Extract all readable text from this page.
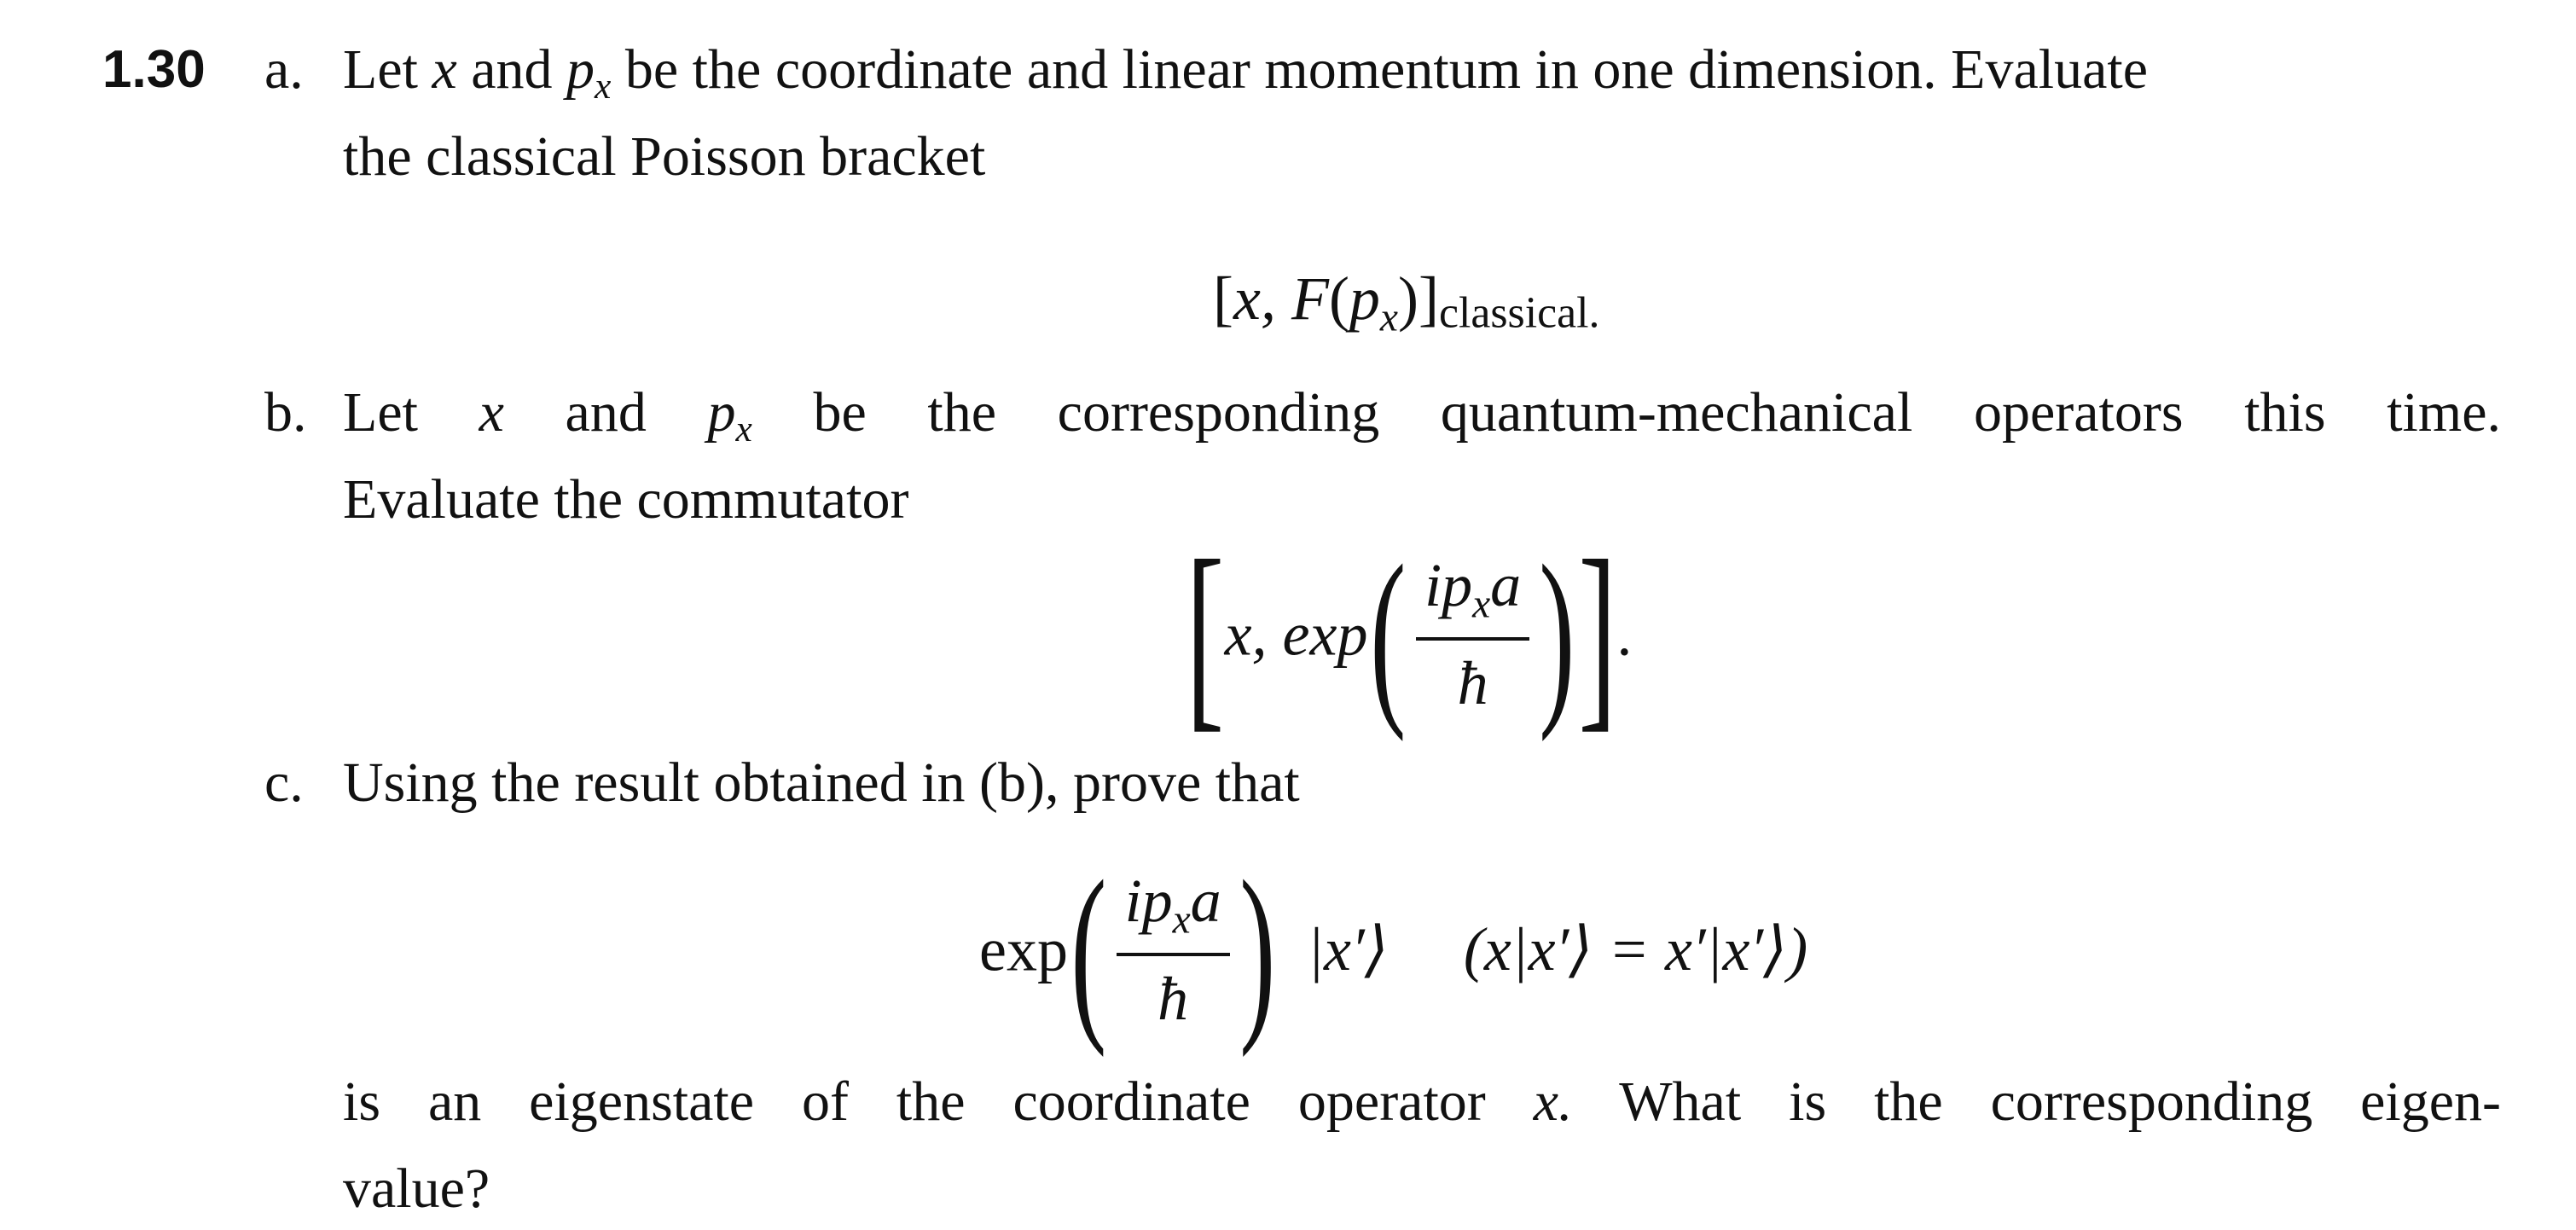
1.30 a. Let x and $p_x$ be the coordinate and linear momentum in one dimension. Evaluate
the classical Poisson bracket
[x, $F(p_x)]classical$.
b. Let x and $p_x$ be the corresponding quantum-mechanical operators this time.
Evaluate the commutator
[x, $\exp( \frac{ip_xa}{ħ}$ )].
c. Using the result obtained in (b), prove that
$\exp( \frac{ip_xa}{ħ}$ ) |x′⟩ (x|x′⟩ = x′|x′⟩)
is an eigenstate of the coordinate operator x. What is the corresponding eigen-
value?
